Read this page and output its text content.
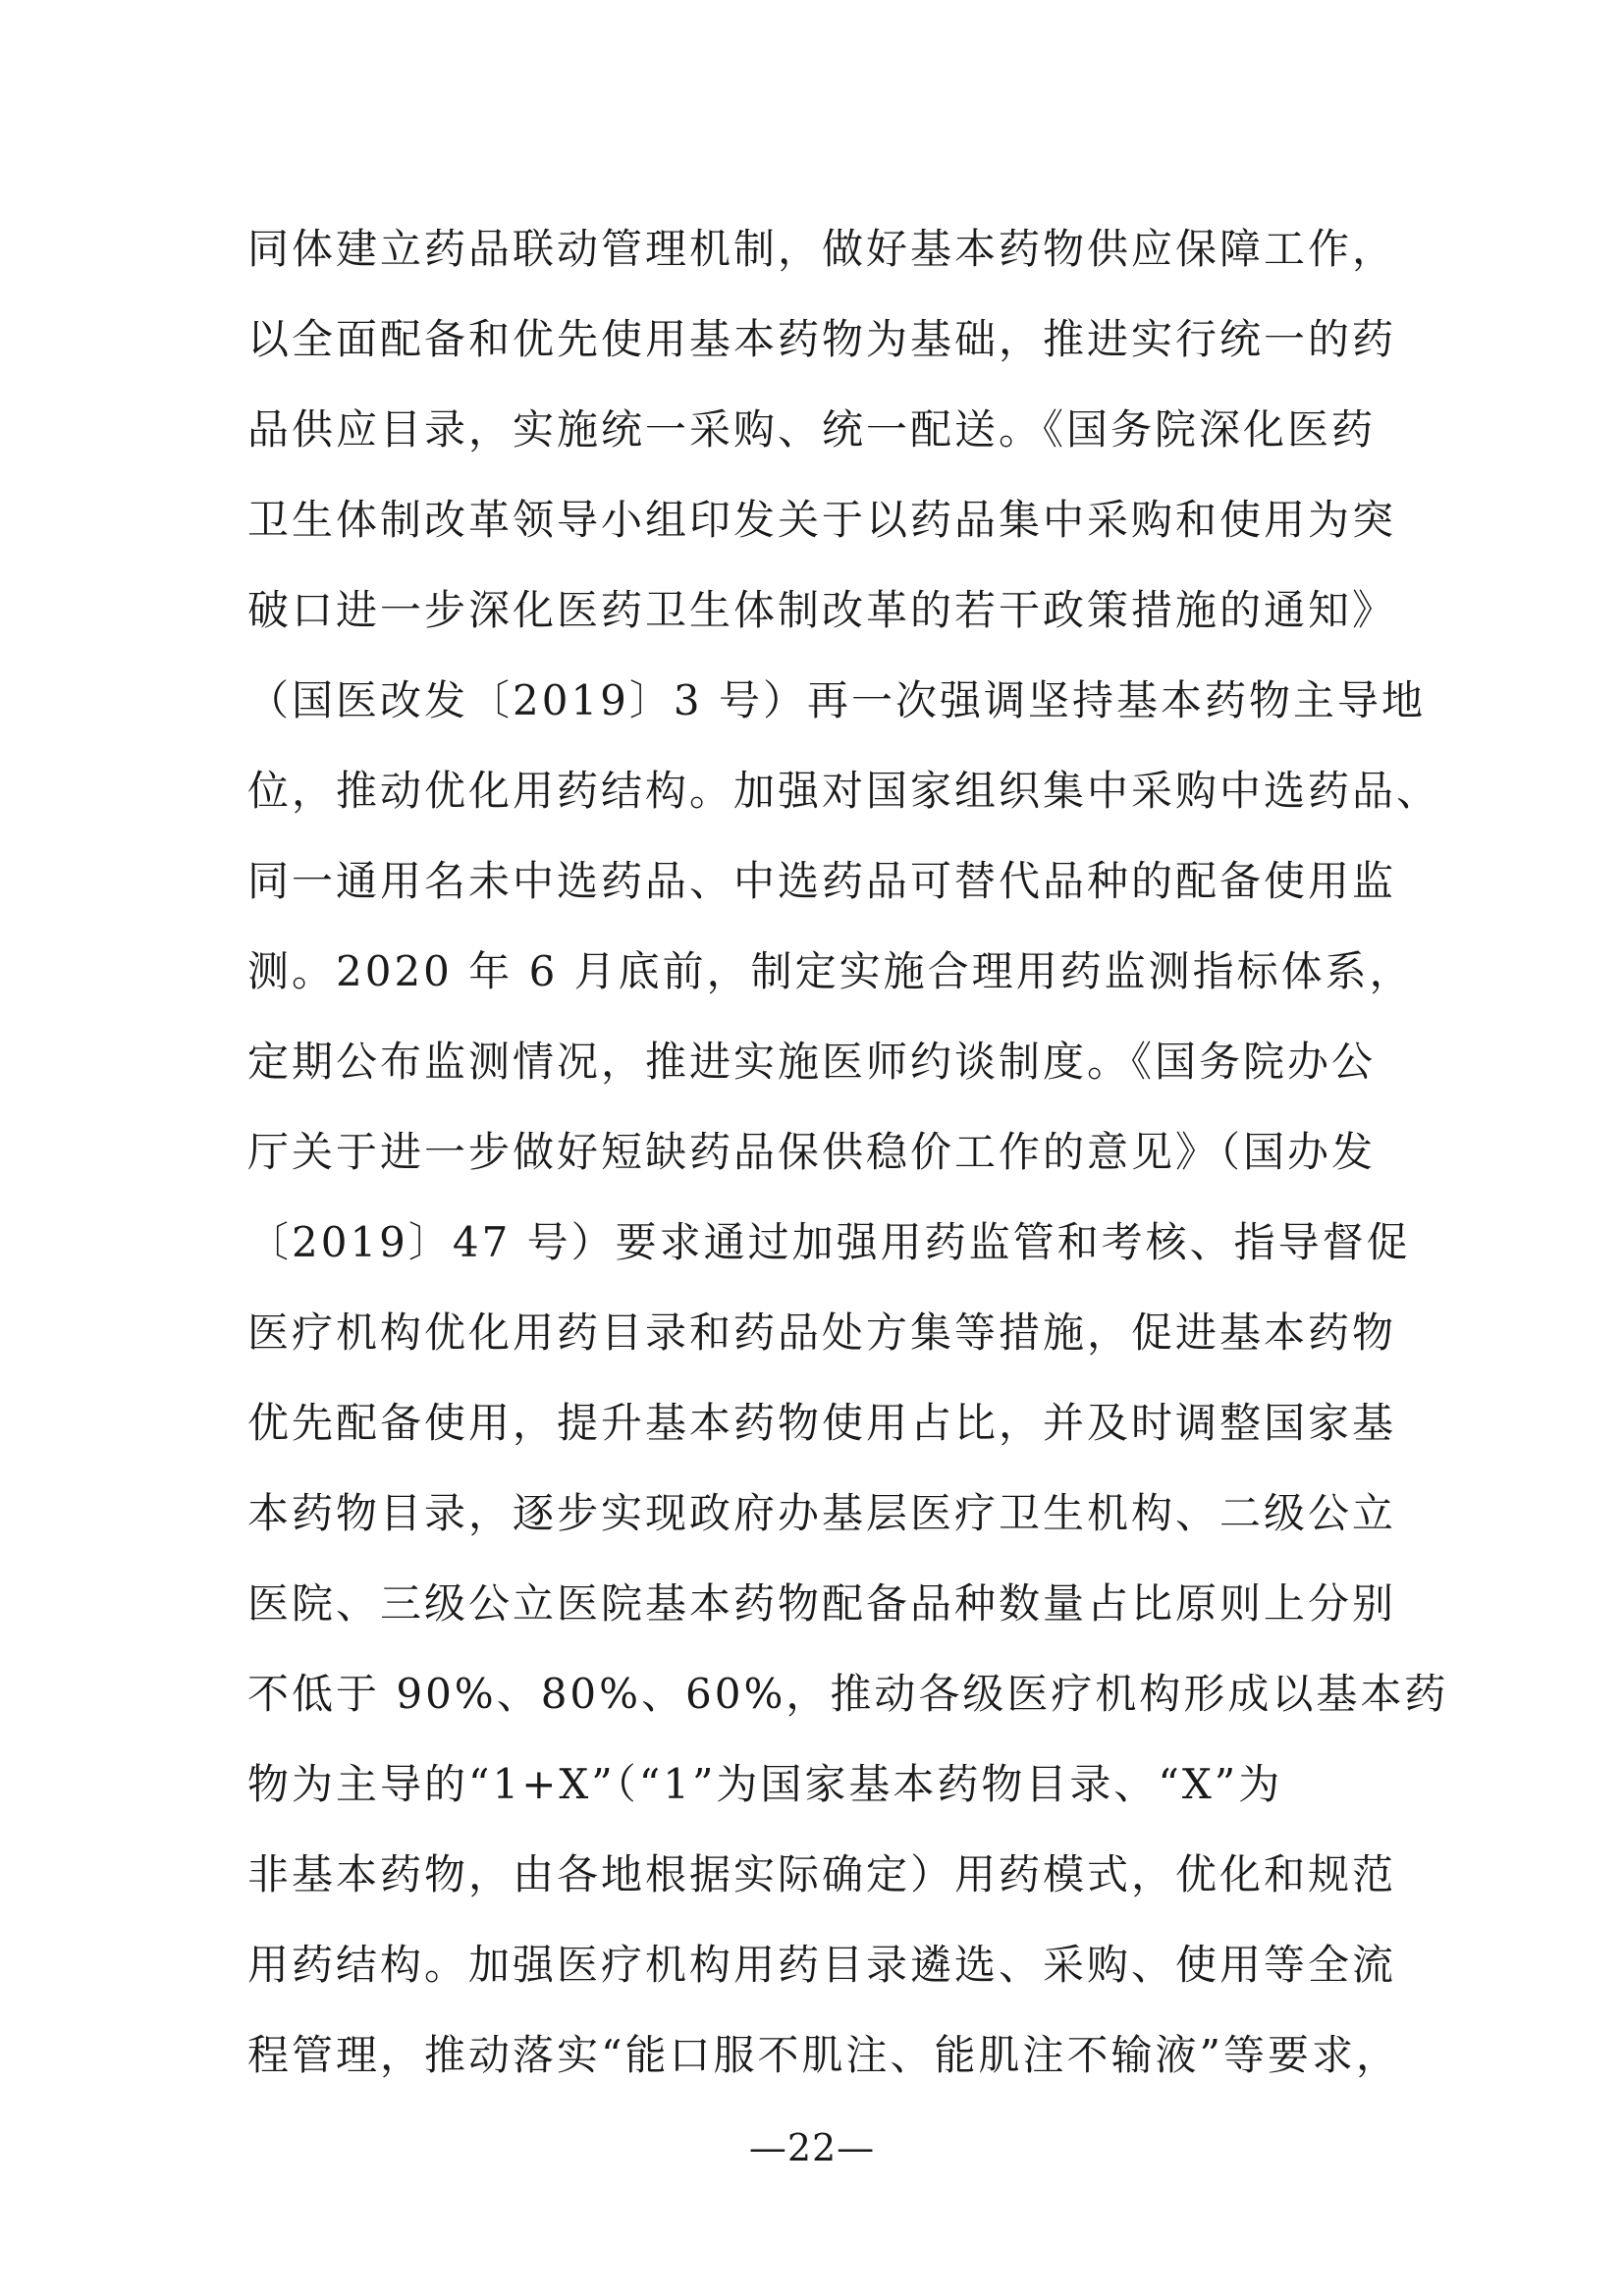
同体建立药品联动管理机制，做好基本药物供应保障工作，
以全面配备和优先使用基本药物为基础，推进实行统一的药
品供应目录，实施统一采购、统一配送。《国务院深化医药
卫生体制改革领导小组印发关于以药品集中采购和使用为突
破口进一步深化医药卫生体制改革的若干政策措施的通知》
（国医改发〔2019〕3 号）再一次强调坚持基本药物主导地
位，推动优化用药结构。加强对国家组织集中采购中选药品、
同一通用名未中选药品、中选药品可替代品种的配备使用监
测。2020 年 6 月底前，制定实施合理用药监测指标体系，
定期公布监测情况，推进实施医师约谈制度。《国务院办公
厅关于进一步做好短缺药品保供稳价工作的意见》（国办发
〔2019〕47 号）要求通过加强用药监管和考核、指导督促
医疗机构优化用药目录和药品处方集等措施，促进基本药物
优先配备使用，提升基本药物使用占比，并及时调整国家基
本药物目录，逐步实现政府办基层医疗卫生机构、二级公立
医院、三级公立医院基本药物配备品种数量占比原则上分别
不低于 90%、80%、60%，推动各级医疗机构形成以基本药
物为主导的“1+X”（“1”为国家基本药物目录、“X”为
非基本药物，由各地根据实际确定）用药模式，优化和规范
用药结构。加强医疗机构用药目录遴选、采购、使用等全流
程管理，推动落实“能口服不肌注、能肌注不输液”等要求，
—22—
